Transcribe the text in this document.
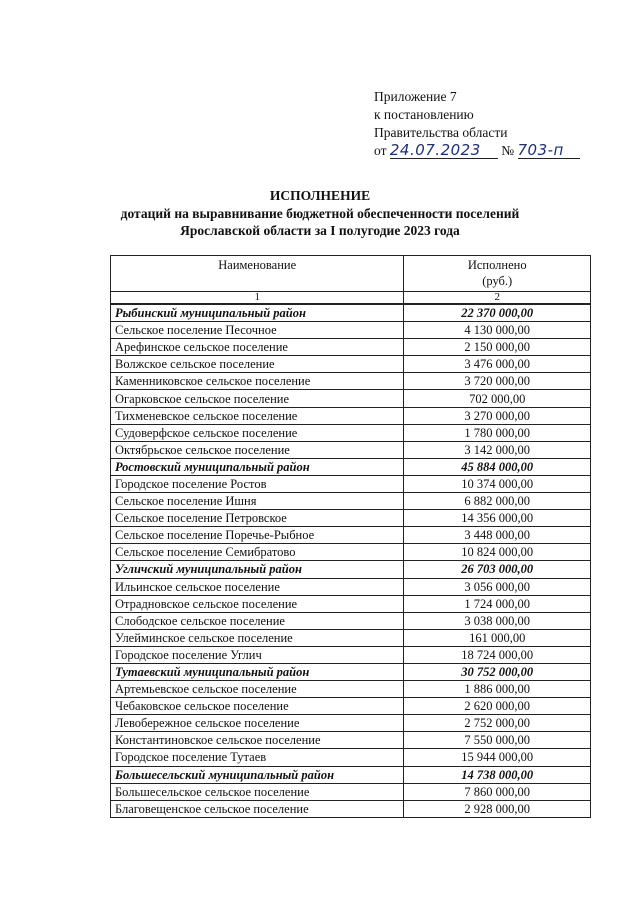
Приложение 7
к постановлению
Правительства области
от 24.07.2023 № 703-п
ИСПОЛНЕНИЕ
дотаций на выравнивание бюджетной обеспеченности поселений
Ярославской области за I полугодие 2023 года
Наименование	Исполнено
(руб.)

1	2
Рыбинский муниципальный район	22 370 000,00
Сельское поселение Песочное	4 130 000,00
Арефинское сельское поселение	2 150 000,00
Волжское сельское поселение	3 476 000,00
Каменниковское сельское поселение	3 720 000,00
Огарковское сельское поселение	702 000,00
Тихменевское сельское поселение	3 270 000,00
Судоверфское сельское поселение	1 780 000,00
Октябрьское сельское поселение	3 142 000,00
Ростовский муниципальный район	45 884 000,00
Городское поселение Ростов	10 374 000,00
Сельское поселение Ишня	6 882 000,00
Сельское поселение Петровское	14 356 000,00
Сельское поселение Поречье-Рыбное	3 448 000,00
Сельское поселение Семибратово	10 824 000,00
Угличский муниципальный район	26 703 000,00
Ильинское сельское поселение	3 056 000,00
Отрадновское сельское поселение	1 724 000,00
Слободское сельское поселение	3 038 000,00
Улейминское сельское поселение	161 000,00
Городское поселение Углич	18 724 000,00
Тутаевский муниципальный район	30 752 000,00
Артемьевское сельское поселение	1 886 000,00
Чебаковское сельское поселение	2 620 000,00
Левобережное сельское поселение	2 752 000,00
Константиновское сельское поселение	7 550 000,00
Городское поселение Тутаев	15 944 000,00
Большесельский муниципальный район	14 738 000,00
Большесельское сельское поселение	7 860 000,00
Благовещенское сельское поселение	2 928 000,00
